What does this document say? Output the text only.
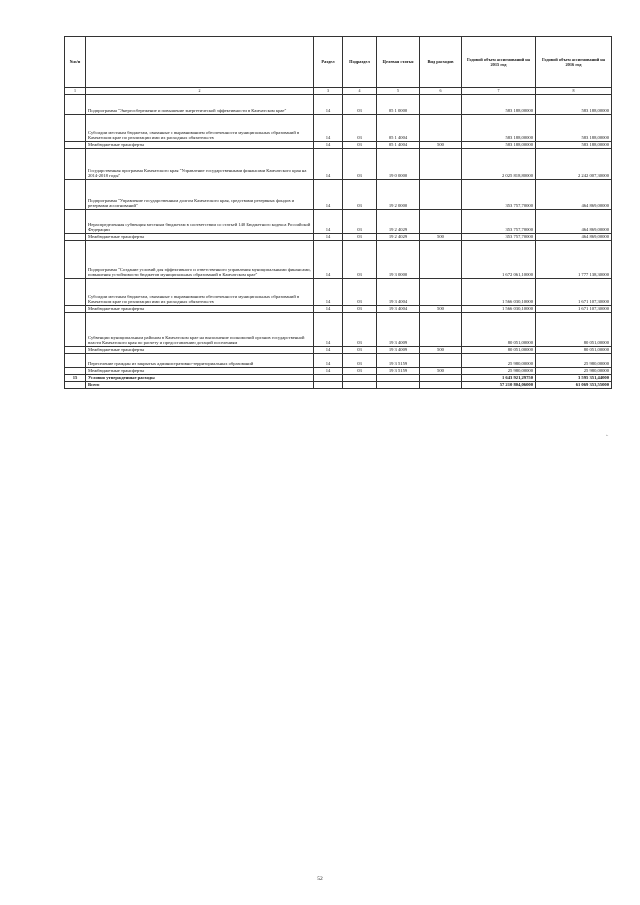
№п/п		Раздел	Подраздел	Целевая статья	Вид расходов	Годовой объем ассигнований на 2015 год	Годовой объем ассигнований на 2016 год
1	2	3	4	5	6	7	8
	Подпрограмма "Энергосбережение и повышение энергетической эффективности в Камчатском крае"	14	03	05 1 0000		583 188,00000	583 188,00000
	Субсидии местным бюджетам, связанные с выравниванием обеспеченности муниципальных образований в Камчатском крае по реализации ими их расходных обязательств	14	03	05 1 4004		583 188,00000	583 188,00000
	Межбюджетные трансферты	14	03	05 1 4004	500	583 188,00000	583 188,00000
	Государственная программа Камчатского края "Управление государственными финансами Камчатского края на 2014-2018 годы"	14	03	19 0 0000		2 025 818,80000	2 242 007,30000
	Подпрограмма "Управление государственным долгом Камчатского края, средствами резервных фондов и резервами ассигнований"	14	03	19 2 0000		353 757,70000	464 869,00000
	Нераспределенная субвенция местным бюджетам в соответствии со статьей 140 Бюджетного кодекса Российской Федерации	14	03	19 2 4029		353 757,70000	464 869,00000
	Межбюджетные трансферты	14	03	19 2 4029	500	353 757,70000	464 869,00000
	Подпрограмма "Создание условий для эффективного и ответственного управления муниципальными финансами, повышения устойчивости бюджетов муниципальных образований в Камчатском крае"	14	03	19 3 0000		1 672 061,10000	1 777 138,30000
	Субсидии местным бюджетам, связанные с выравниванием обеспеченности муниципальных образований в Камчатском крае по реализации ими их расходных обязательств	14	03	19 3 4004		1 566 030,10000	1 671 107,30000
	Межбюджетные трансферты	14	03	19 3 4004	500	1 566 030,10000	1 671 107,30000
	Субвенции муниципальным районам в Камчатском крае на выполнение полномочий органов государственной власти Камчатского края по расчету и предоставлению дотаций поселениям	14	03	19 3 4009		80 051,00000	80 051,00000
	Межбюджетные трансферты	14	03	19 3 4009	500	80 051,00000	80 051,00000
	Переселение граждан из закрытых административно-территориальных образований	14	03	19 3 5159		25 980,00000	25 980,00000
	Межбюджетные трансферты	14	03	19 3 5159	500	25 980,00000	25 980,00000
15	Условно утвержденные расходы					1 643 921,29750	3 595 351,44000
	Всего					57 210 804,06000	61 069 353,55000
».
52
